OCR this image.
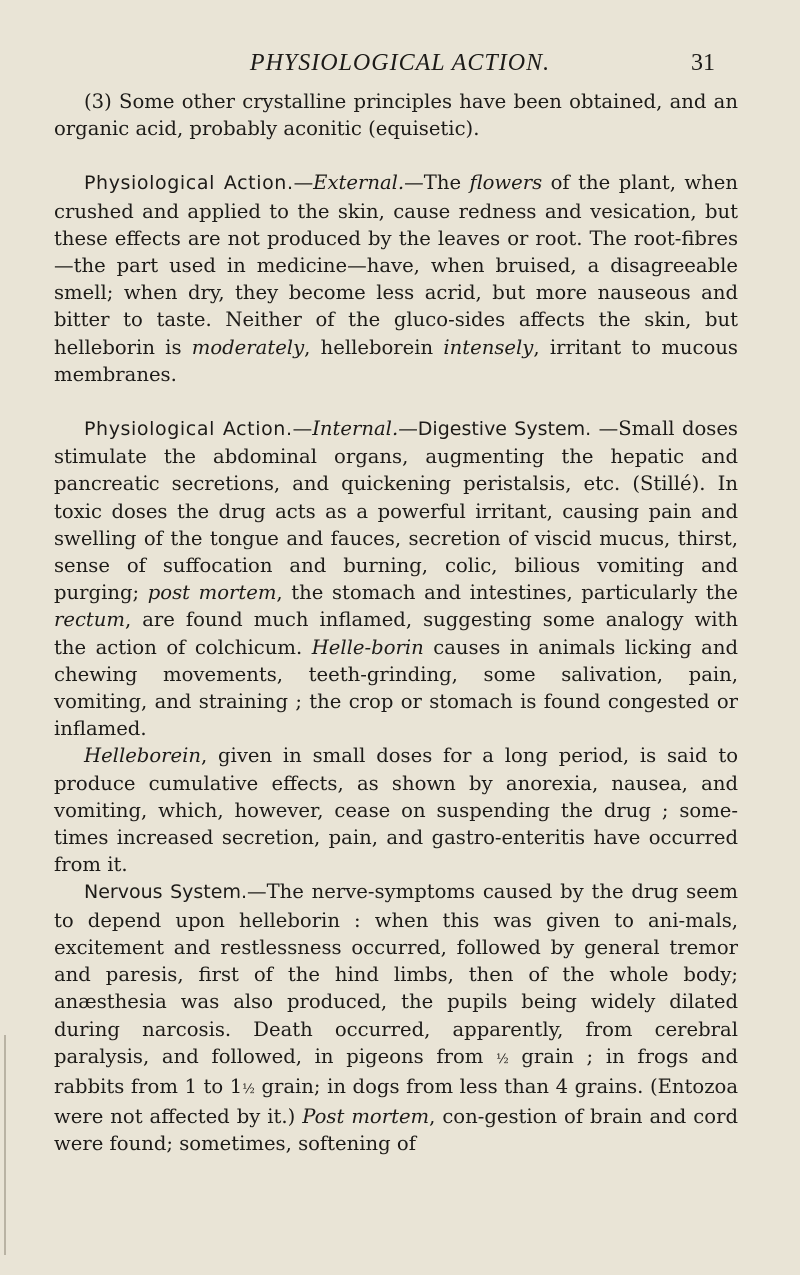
PHYSIOLOGICAL ACTION.	31

(3) Some other crystalline principles have been obtained, and an organic acid, probably aconitic (equisetic).

Physiological Action.—External.—The flowers of the plant, when crushed and applied to the skin, cause redness and vesication, but these effects are not produced by the leaves or root. The root-fibres—the part used in medicine—have, when bruised, a disagreeable smell; when dry, they become less acrid, but more nauseous and bitter to taste. Neither of the gluco-sides affects the skin, but helleborin is moderately, helleborein intensely, irritant to mucous membranes.

Physiological Action.—Internal.—Digestive System. —Small doses stimulate the abdominal organs, augmenting the hepatic and pancreatic secretions, and quickening peristalsis, etc. (Stillé). In toxic doses the drug acts as a powerful irritant, causing pain and swelling of the tongue and fauces, secretion of viscid mucus, thirst, sense of suffocation and burning, colic, bilious vomiting and purging; post mortem, the stomach and intestines, particularly the rectum, are found much inflamed, suggesting some analogy with the action of colchicum. Helle-borin causes in animals licking and chewing movements, teeth-grinding, some salivation, pain, vomiting, and straining ; the crop or stomach is found congested or inflamed.

Helleborein, given in small doses for a long period, is said to produce cumulative effects, as shown by anorexia, nausea, and vomiting, which, however, cease on suspending the drug ; some-times increased secretion, pain, and gastro-enteritis have occurred from it.

Nervous System.—The nerve-symptoms caused by the drug seem to depend upon helleborin : when this was given to ani-mals, excitement and restlessness occurred, followed by general tremor and paresis, first of the hind limbs, then of the whole body; anæsthesia was also produced, the pupils being widely dilated during narcosis. Death occurred, apparently, from cerebral paralysis, and followed, in pigeons from ½ grain ; in frogs and rabbits from 1 to 1½ grain; in dogs from less than 4 grains. (Entozoa were not affected by it.) Post mortem, con-gestion of brain and cord were found; sometimes, softening of
